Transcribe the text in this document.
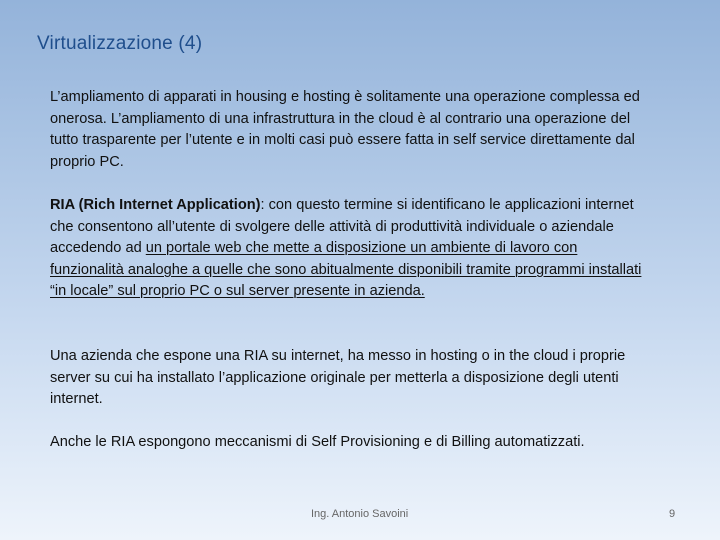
Virtualizzazione (4)

L’ampliamento di apparati in housing e hosting è solitamente una operazione complessa ed onerosa. L’ampliamento di una infrastruttura in the cloud è al contrario una operazione del tutto trasparente per l’utente e in molti casi può essere fatta in self service direttamente dal proprio PC.

RIA (Rich Internet Application): con questo termine si identificano le applicazioni internet che consentono all’utente di svolgere delle attività di produttività individuale o aziendale accedendo ad un portale web che mette a disposizione un ambiente di lavoro con funzionalità analoghe a quelle che sono abitualmente disponibili tramite programmi installati “in locale” sul proprio PC o sul server presente in azienda.

Una azienda che espone una RIA su internet, ha messo in hosting o in the cloud i proprie server su cui ha installato l’applicazione originale per metterla a disposizione degli utenti internet.

Anche le RIA espongono meccanismi di Self Provisioning e di Billing automatizzati.

Ing. Antonio Savoini	9
